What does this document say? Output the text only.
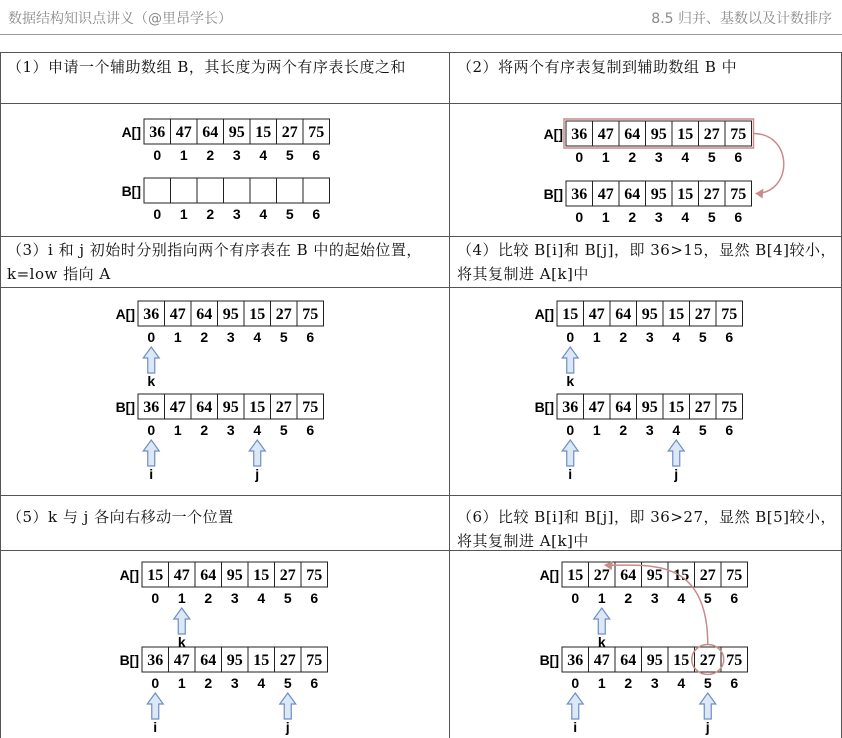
数据结构知识点讲义（@里昂学长）	8.5 归并、基数以及计数排序
（1）申请一个辅助数组 B，其长度为两个有序表长度之和	（2）将两个有序表复制到辅助数组 B 中
（3）i 和 j 初始时分别指向两个有序表在 B 中的起始位置，k=low 指向 A
（4）比较 B[i]和 B[j]，即 36>15，显然 B[4]较小，将其复制进 A[k]中
（5）k 与 j 各向右移动一个位置	（6）比较 B[i]和 B[j]，即 36>27，显然 B[5]较小，将其复制进 A[k]中
A[] 36 47 64 95 15 27 75
0 1 2 3 4 5 6
B[]
0 1 2 3 4 5 6
A[] 36 47 64 95 15 27 75
0 1 2 3 4 5 6
B[] 36 47 64 95 15 27 75
0 1 2 3 4 5 6
A[] 36 47 64 95 15 27 75
0 1 2 3 4 5 6
B[] 36 47 64 95 15 27 75
0 1 2 3 4 5 6
k
i	j
A[] 15 47 64 95 15 27 75
0 1 2 3 4 5 6
B[] 36 47 64 95 15 27 75
0 1 2 3 4 5 6
k
i	j
A[] 15 47 64 95 15 27 75
0 1 2 3 4 5 6
B[] 36 47 64 95 15 27 75
0 1 2 3 4 5 6
k
i	j
A[] 15 27 64 95 15 27 75
0 1 2 3 4 5 6
B[] 36 47 64 95 15 27 75
0 1 2 3 4 5 6
k
i	j
